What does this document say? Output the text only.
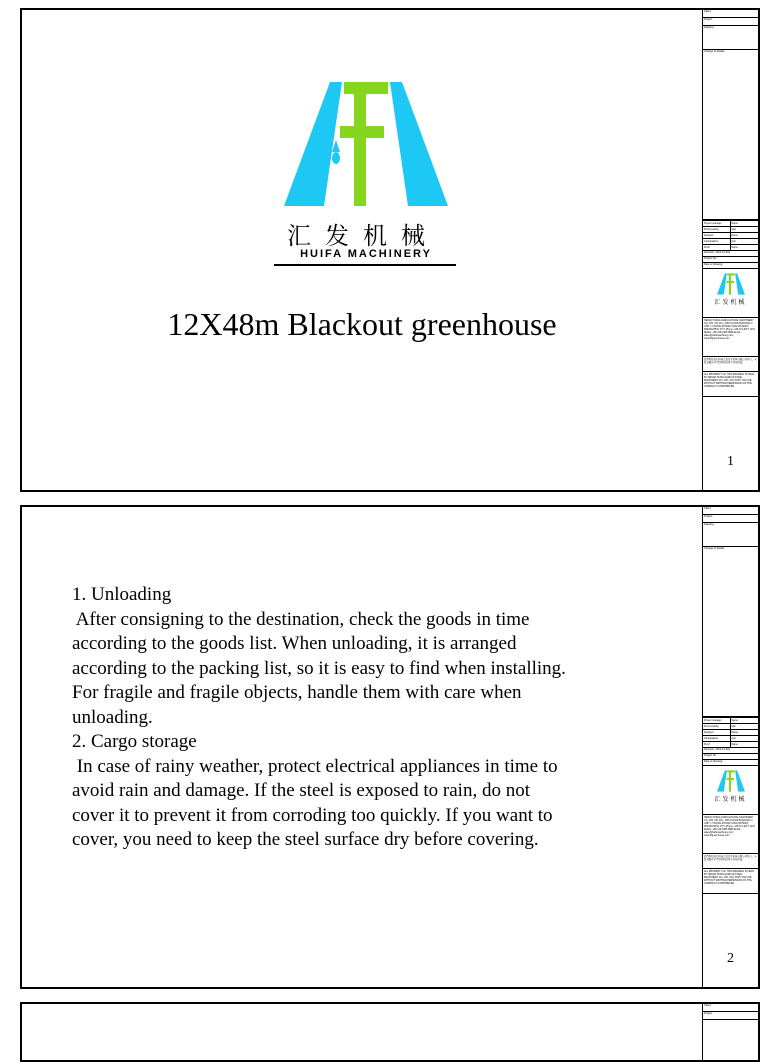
汇发机械
HUIFA MACHINERY
12X48m Blackout greenhouse
Client:
Project:
Drawing:
Change of details
Project manager	Name
Proof-reading	also
Designer	Name
Cartographer	Cell
Proof	Name
Revision: 2021-12-001
Project No.:
Date of drawing:
汇发机械
HENAN HUIFA AGRICULTURAL MACHINERY CO.,LTD. NO.16-1, 29th FLOOR BUILDING 4 UNIT 1 YAOHAI ZHONGYUAN DISTRICT, ZHENGZHOU CITY Phone: +86-371-6677 1467 Mobile: +86-139-3385 9588 Email: sales@huifamachinery.com www.hfgreenhouse.com
此图纸版权归河南汇发农业机械有限公司所有，未经书面许可不得复制或用于其他用途。
ALL PROPERTY OF THIS DRAWING IS HELD BY HENAN HUIFA AGRICULTURAL MACHINERY CO.,LTD. ANY COPY OR USE WITHOUT WRITTEN PERMISSION OF THE COMPANY IS PROHIBITED.
1

1. Unloading

After consigning to the destination, check the goods in time

according to the goods list. When unloading, it is arranged

according to the packing list, so it is easy to find when installing.

For fragile and fragile objects, handle them with care when

unloading.

2. Cargo storage

In case of rainy weather, protect electrical appliances in time to

avoid rain and damage. If the steel is exposed to rain, do not

cover it to prevent it from corroding too quickly. If you want to

cover, you need to keep the steel surface dry before covering.

Client:
Project:
Drawing:
Change of details
Project manager	Name
Proof-reading	also
Designer	Name
Cartographer	Cell
Proof	Name
Revision: 2021-12-001
Project No.:
Date of drawing:
汇发机械
HENAN HUIFA AGRICULTURAL MACHINERY CO.,LTD. NO.16-1, 29th FLOOR BUILDING 4 UNIT 1 YAOHAI ZHONGYUAN DISTRICT, ZHENGZHOU CITY Phone: +86-371-6677 1467 Mobile: +86-139-3385 9588 Email: sales@huifamachinery.com www.hfgreenhouse.com
此图纸版权归河南汇发农业机械有限公司所有，未经书面许可不得复制或用于其他用途。
ALL PROPERTY OF THIS DRAWING IS HELD BY HENAN HUIFA AGRICULTURAL MACHINERY CO.,LTD. ANY COPY OR USE WITHOUT WRITTEN PERMISSION OF THE COMPANY IS PROHIBITED.
2
Client:
Project:
